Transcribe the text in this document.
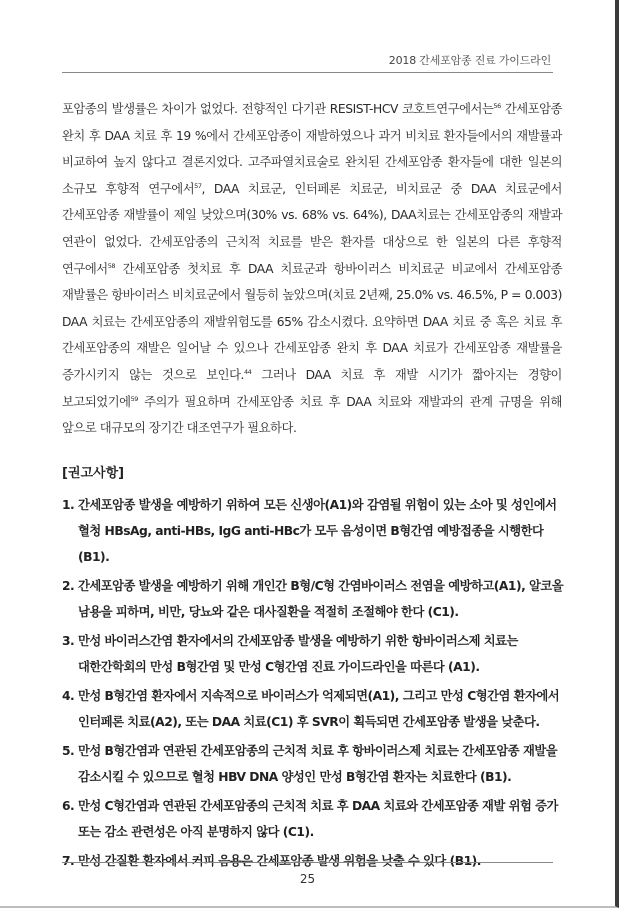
2018 간세포암종 진료 가이드라인
포암종의 발생률은 차이가 없었다. 전향적인 다기관 RESIST-HCV 코호트연구에서는$^{56}$ 간세포암종 완치 후 DAA 치료 후 19 %에서 간세포암종이 재발하였으나 과거 비치료 환자들에서의 재발률과 비교하여 높지 않다고 결론지었다. 고주파열치료술로 완치된 간세포암종 환자들에 대한 일본의 소규모 후향적 연구에서$^{57}$, DAA 치료군, 인터페론 치료군, 비치료군 중 DAA 치료군에서 간세포암종 재발률이 제일 낮았으며(30% vs. 68% vs. 64%), DAA치료는 간세포암종의 재발과 연관이 없었다. 간세포암종의 근치적 치료를 받은 환자를 대상으로 한 일본의 다른 후향적 연구에서$^{58}$ 간세포암종 첫치료 후 DAA 치료군과 항바이러스 비치료군 비교에서 간세포암종 재발률은 항바이러스 비치료군에서 월등히 높았으며(치료 2년째, 25.0% vs. 46.5%, P = 0.003) DAA 치료는 간세포암종의 재발위험도를 65% 감소시켰다. 요약하면 DAA 치료 중 혹은 치료 후 간세포암종의 재발은 일어날 수 있으나 간세포암종 완치 후 DAA 치료가 간세포암종 재발률을 증가시키지 않는 것으로 보인다.$^{44}$ 그러나 DAA 치료 후 재발 시기가 짧아지는 경향이 보고되었기에$^{59}$ 주의가 필요하며 간세포암종 치료 후 DAA 치료와 재발과의 관계 규명을 위해 앞으로 대규모의 장기간 대조연구가 필요하다.
[권고사항]
1. 간세포암종 발생을 예방하기 위하여 모든 신생아(A1)와 감염될 위험이 있는 소아 및 성인에서 혈청 HBsAg, anti-HBs, IgG anti-HBc가 모두 음성이면 B형간염 예방접종을 시행한다 (B1).
2. 간세포암종 발생을 예방하기 위해 개인간 B형/C형 간염바이러스 전염을 예방하고(A1), 알코올 남용을 피하며, 비만, 당뇨와 같은 대사질환을 적절히 조절해야 한다 (C1).
3. 만성 바이러스간염 환자에서의 간세포암종 발생을 예방하기 위한 항바이러스제 치료는 대한간학회의 만성 B형간염 및 만성 C형간염 진료 가이드라인을 따른다 (A1).
4. 만성 B형간염 환자에서 지속적으로 바이러스가 억제되면(A1), 그리고 만성 C형간염 환자에서 인터페론 치료(A2), 또는 DAA 치료(C1) 후 SVR이 획득되면 간세포암종 발생을 낮춘다.
5. 만성 B형간염과 연관된 간세포암종의 근치적 치료 후 항바이러스제 치료는 간세포암종 재발을 감소시킬 수 있으므로 혈청 HBV DNA 양성인 만성 B형간염 환자는 치료한다 (B1).
6. 만성 C형간염과 연관된 간세포암종의 근치적 치료 후 DAA 치료와 간세포암종 재발 위험 증가 또는 감소 관련성은 아직 분명하지 않다 (C1).
7. 만성 간질환 환자에서 커피 음용은 간세포암종 발생 위험을 낮출 수 있다 (B1).
25
